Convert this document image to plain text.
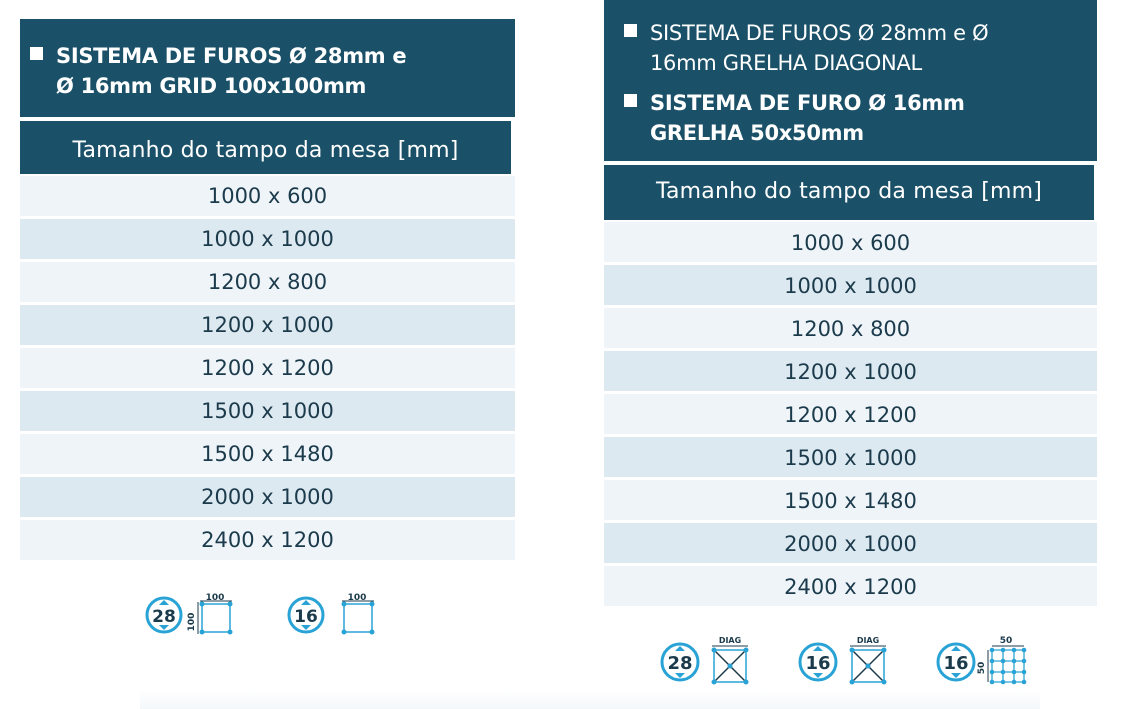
SISTEMA DE FUROS Ø 28mm e
Ø 16mm GRID 100x100mm
Tamanho do tampo da mesa [mm]
1000 x 600
1000 x 1000
1200 x 800
1200 x 1000
1200 x 1200
1500 x 1000
1500 x 1480
2000 x 1000
2400 x 1200
28
100
100	16
100
SISTEMA DE FUROS Ø 28mm e Ø
16mm GRELHA DIAGONAL
SISTEMA DE FURO Ø 16mm
GRELHA 50x50mm
Tamanho do tampo da mesa [mm]
1000 x 600
1000 x 1000
1200 x 800
1200 x 1000
1200 x 1200
1500 x 1000
1500 x 1480
2000 x 1000
2400 x 1200
28
DIAG
16
DIAG
16
50
50
